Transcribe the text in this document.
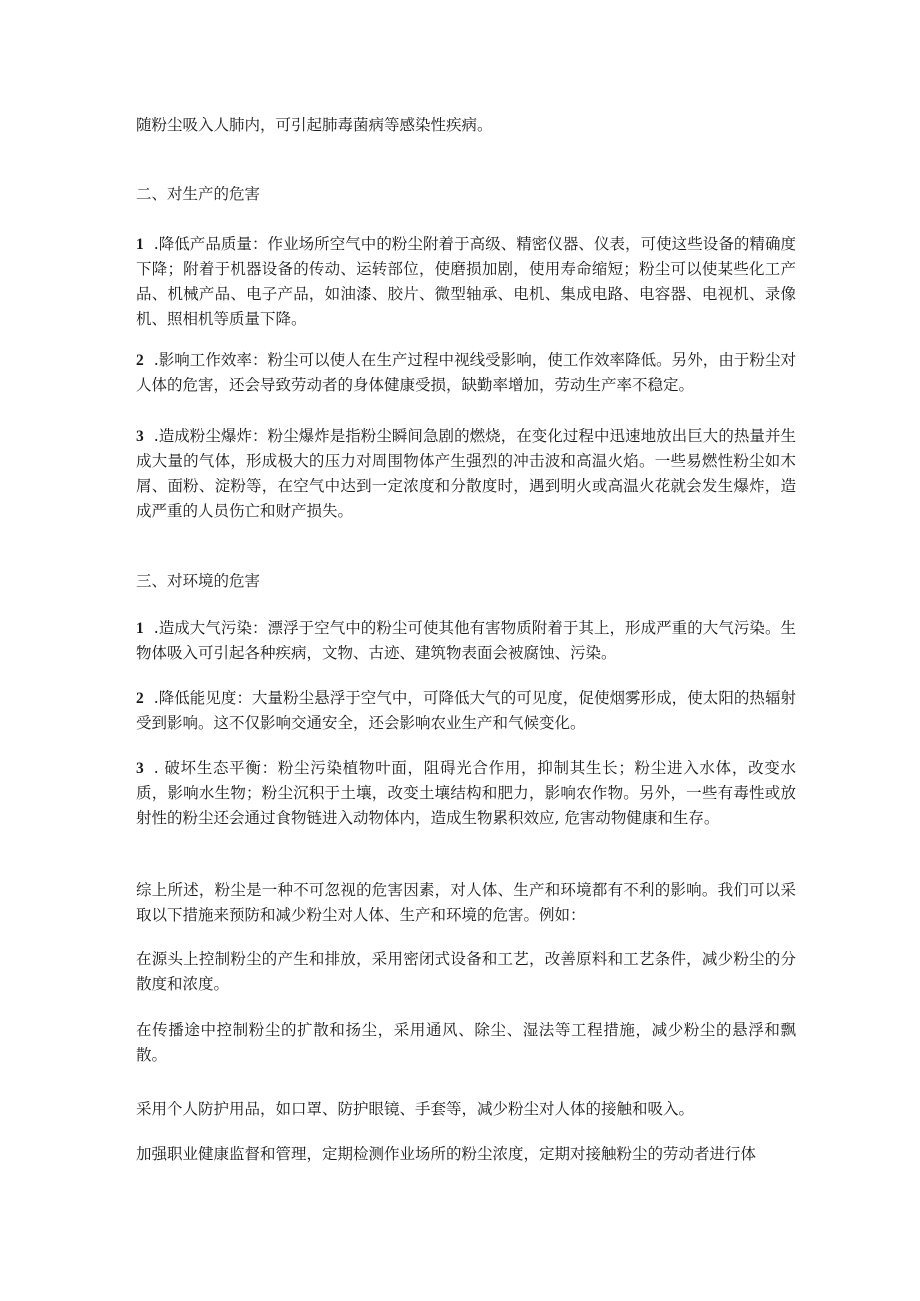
随粉尘吸入人肺内，可引起肺毒菌病等感染性疾病。

二、对生产的危害

1 .降低产品质量：作业场所空气中的粉尘附着于高级、精密仪器、仪表，可使这些设备的精确度下降；附着于机器设备的传动、运转部位，使磨损加剧，使用寿命缩短；粉尘可以使某些化工产品、机械产品、电子产品，如油漆、胶片、微型轴承、电机、集成电路、电容器、电视机、录像机、照相机等质量下降。

2 .影响工作效率：粉尘可以使人在生产过程中视线受影响，使工作效率降低。另外，由于粉尘对人体的危害，还会导致劳动者的身体健康受损，缺勤率增加，劳动生产率不稳定。

3 .造成粉尘爆炸：粉尘爆炸是指粉尘瞬间急剧的燃烧，在变化过程中迅速地放出巨大的热量并生成大量的气体，形成极大的压力对周围物体产生强烈的冲击波和高温火焰。一些易燃性粉尘如木屑、面粉、淀粉等，在空气中达到一定浓度和分散度时，遇到明火或高温火花就会发生爆炸，造成严重的人员伤亡和财产损失。

三、对环境的危害

1 .造成大气污染：漂浮于空气中的粉尘可使其他有害物质附着于其上，形成严重的大气污染。生物体吸入可引起各种疾病，文物、古迹、建筑物表面会被腐蚀、污染。

2 .降低能见度：大量粉尘悬浮于空气中，可降低大气的可见度，促使烟雾形成，使太阳的热辐射受到影响。这不仅影响交通安全，还会影响农业生产和气候变化。

3 . 破坏生态平衡：粉尘污染植物叶面，阻碍光合作用，抑制其生长；粉尘进入水体，改变水质，影响水生物；粉尘沉积于土壤，改变土壤结构和肥力，影响农作物。另外，一些有毒性或放射性的粉尘还会通过食物链进入动物体内，造成生物累积效应, 危害动物健康和生存。

综上所述，粉尘是一种不可忽视的危害因素，对人体、生产和环境都有不利的影响。我们可以采取以下措施来预防和减少粉尘对人体、生产和环境的危害。例如：

在源头上控制粉尘的产生和排放，采用密闭式设备和工艺，改善原料和工艺条件，减少粉尘的分散度和浓度。

在传播途中控制粉尘的扩散和扬尘，采用通风、除尘、湿法等工程措施，减少粉尘的悬浮和飘散。

采用个人防护用品，如口罩、防护眼镜、手套等，减少粉尘对人体的接触和吸入。

加强职业健康监督和管理，定期检测作业场所的粉尘浓度，定期对接触粉尘的劳动者进行体
